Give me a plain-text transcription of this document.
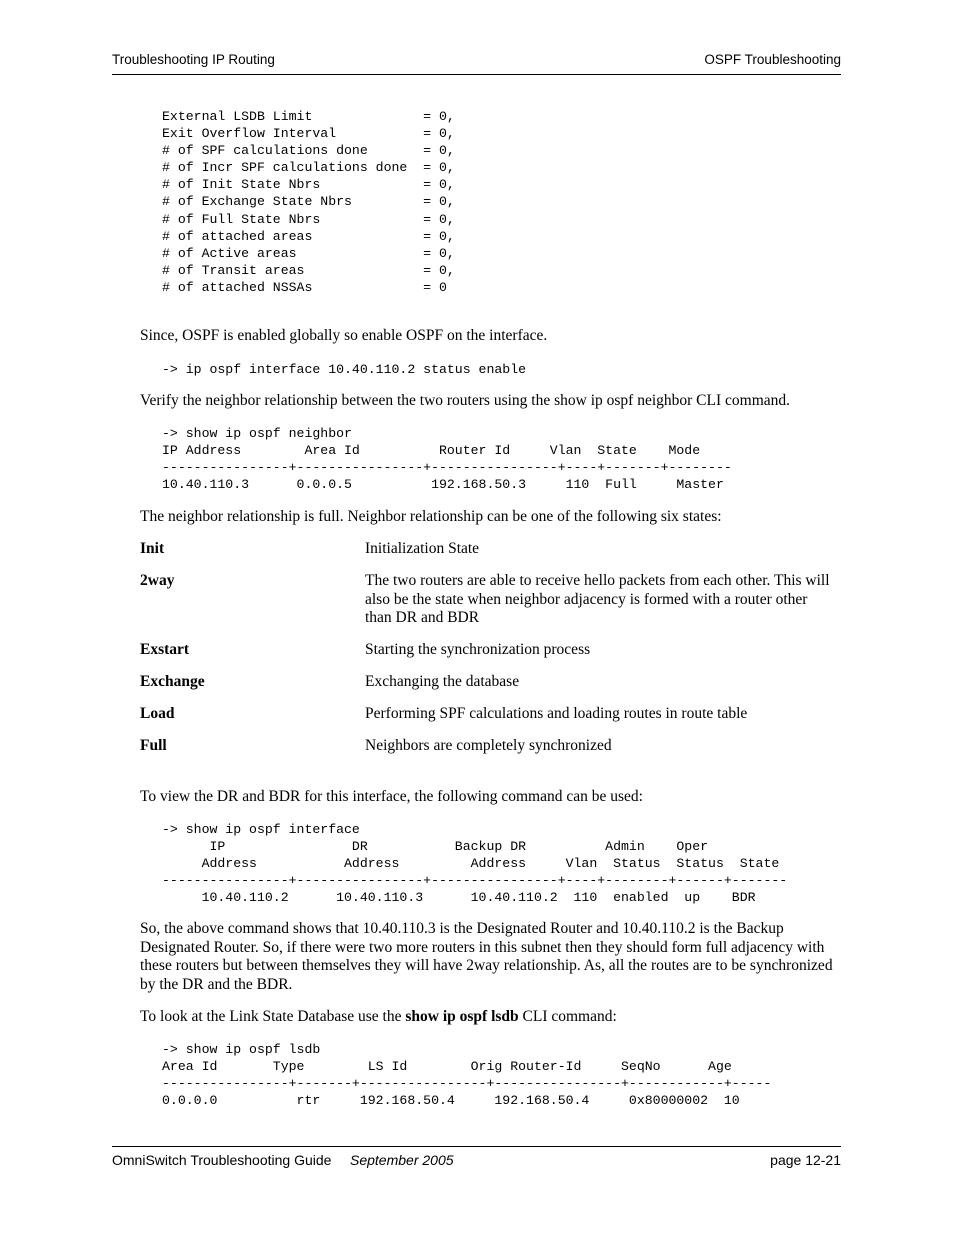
Troubleshooting IP Routing	OSPF Troubleshooting
External LSDB Limit              = 0,
Exit Overflow Interval           = 0,
# of SPF calculations done       = 0,
# of Incr SPF calculations done  = 0,
# of Init State Nbrs             = 0,
# of Exchange State Nbrs         = 0,
# of Full State Nbrs             = 0,
# of attached areas              = 0,
# of Active areas                = 0,
# of Transit areas               = 0,
# of attached NSSAs              = 0
Since, OSPF is enabled globally so enable OSPF on the interface.
-> ip ospf interface 10.40.110.2 status enable
Verify the neighbor relationship between the two routers using the show ip ospf neighbor CLI command.
-> show ip ospf neighbor
IP Address        Area Id          Router Id     Vlan  State    Mode
----------------+----------------+----------------+----+-------+--------
10.40.110.3      0.0.0.5          192.168.50.3     110  Full     Master
The neighbor relationship is full. Neighbor relationship can be one of the following six states:
Init	Initialization State
2way	The two routers are able to receive hello packets from each other. This will also be the state when neighbor adjacency is formed with a router other than DR and BDR
Exstart	Starting the synchronization process
Exchange	Exchanging the database
Load	Performing SPF calculations and loading routes in route table
Full	Neighbors are completely synchronized
To view the DR and BDR for this interface, the following command can be used:
-> show ip ospf interface
IP                DR           Backup DR          Admin    Oper
Address           Address         Address     Vlan  Status  Status  State
----------------+----------------+----------------+----+--------+------+-------
10.40.110.2      10.40.110.3      10.40.110.2  110  enabled  up    BDR
So, the above command shows that 10.40.110.3 is the Designated Router and 10.40.110.2 is the Backup Designated Router. So, if there were two more routers in this subnet then they should form full adjacency with these routers but between themselves they will have 2way relationship. As, all the routes are to be synchronized by the DR and the BDR.
To look at the Link State Database use the show ip ospf lsdb CLI command:
-> show ip ospf lsdb
Area Id       Type        LS Id        Orig Router-Id     SeqNo      Age
----------------+-------+----------------+----------------+------------+-----
0.0.0.0          rtr     192.168.50.4     192.168.50.4     0x80000002  10
OmniSwitch Troubleshooting Guide September 2005	page 12-21
